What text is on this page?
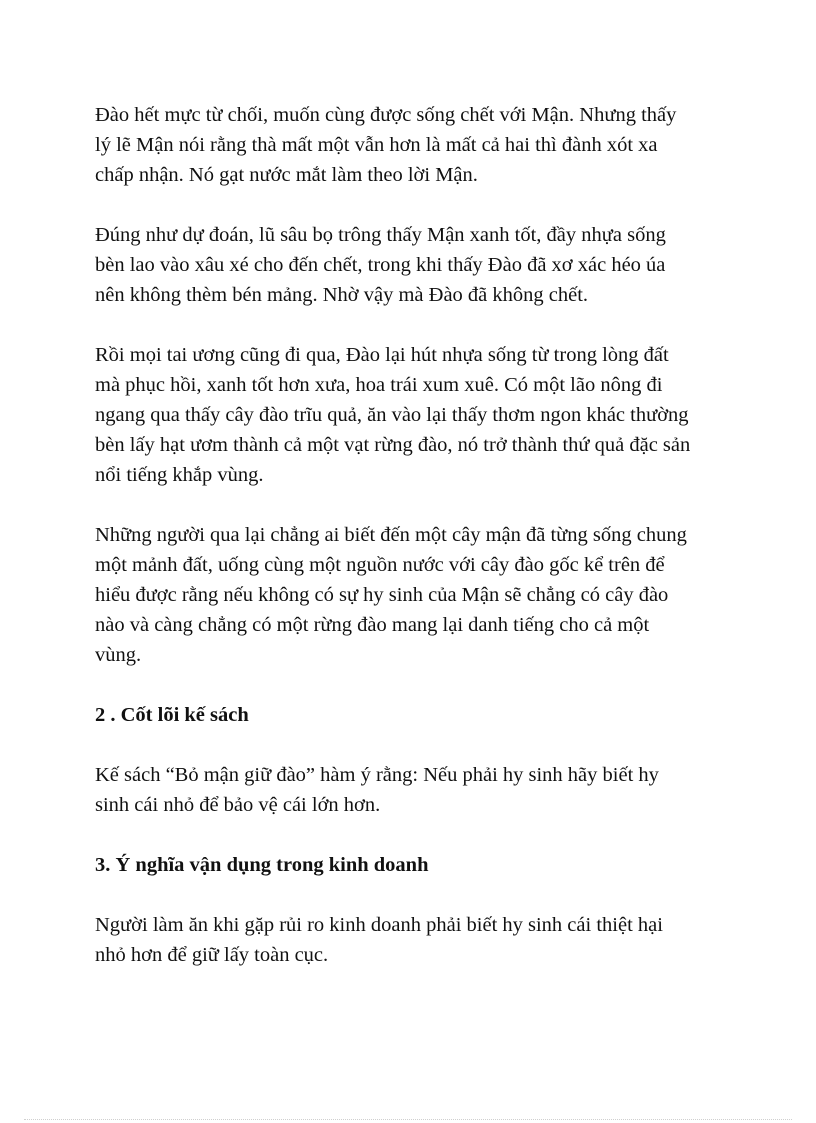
Đào hết mực từ chối, muốn cùng được sống chết với Mận. Nhưng thấy
lý lẽ Mận nói rằng thà mất một vẫn hơn là mất cả hai thì đành xót xa
chấp nhận. Nó gạt nước mắt làm theo lời Mận.

Đúng như dự đoán, lũ sâu bọ trông thấy Mận xanh tốt, đầy nhựa sống
bèn lao vào xâu xé cho đến chết, trong khi thấy Đào đã xơ xác héo úa
nên không thèm bén mảng. Nhờ vậy mà Đào đã không chết.

Rồi mọi tai ương cũng đi qua, Đào lại hút nhựa sống từ trong lòng đất
mà phục hồi, xanh tốt hơn xưa, hoa trái xum xuê. Có một lão nông đi
ngang qua thấy cây đào trĩu quả, ăn vào lại thấy thơm ngon khác thường
bèn lấy hạt ươm thành cả một vạt rừng đào, nó trở thành thứ quả đặc sản
nổi tiếng khắp vùng.

Những người qua lại chẳng ai biết đến một cây mận đã từng sống chung
một mảnh đất, uống cùng một nguồn nước với cây đào gốc kể trên để
hiểu được rằng nếu không có sự hy sinh của Mận sẽ chẳng có cây đào
nào và càng chẳng có một rừng đào mang lại danh tiếng cho cả một
vùng.

2 . Cốt lõi kế sách

Kế sách “Bỏ mận giữ đào” hàm ý rằng: Nếu phải hy sinh hãy biết hy
sinh cái nhỏ để bảo vệ cái lớn hơn.

3. Ý nghĩa vận dụng trong kinh doanh

Người làm ăn khi gặp rủi ro kinh doanh phải biết hy sinh cái thiệt hại
nhỏ hơn để giữ lấy toàn cục.
